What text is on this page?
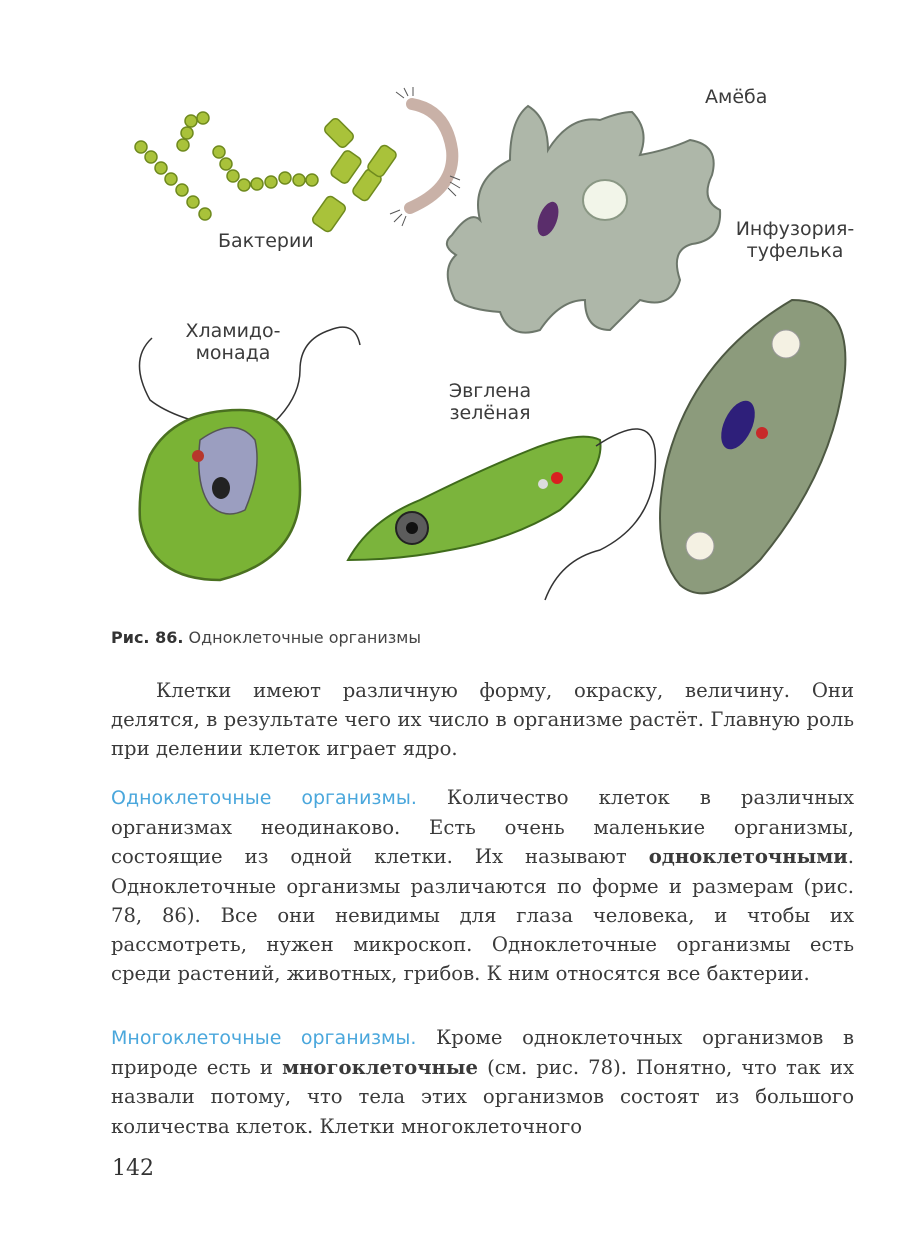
Амёба
Инфузория-
туфелька
Бактерии
Хламидо-
монада
Эвглена
зелёная
Рис. 86. Одноклеточные организмы

Клетки имеют различную форму, окраску, величину. Они делятся, в результате чего их число в организме растёт. Главную роль при делении клеток играет ядро.

Одноклеточные организмы. Количество клеток в различных организмах неодинаково. Есть очень маленькие организмы, состоящие из одной клетки. Их называют одноклеточными. Одноклеточные организмы различаются по форме и размерам (рис. 78, 86). Все они невидимы для глаза человека, и чтобы их рассмотреть, нужен микроскоп. Одноклеточные организмы есть среди растений, животных, грибов. К ним относятся все бактерии.

Многоклеточные организмы. Кроме одноклеточных организмов в природе есть и многоклеточные (см. рис. 78). Понятно, что так их назвали потому, что тела этих организмов состоят из большого количества клеток. Клетки многоклеточного

142
